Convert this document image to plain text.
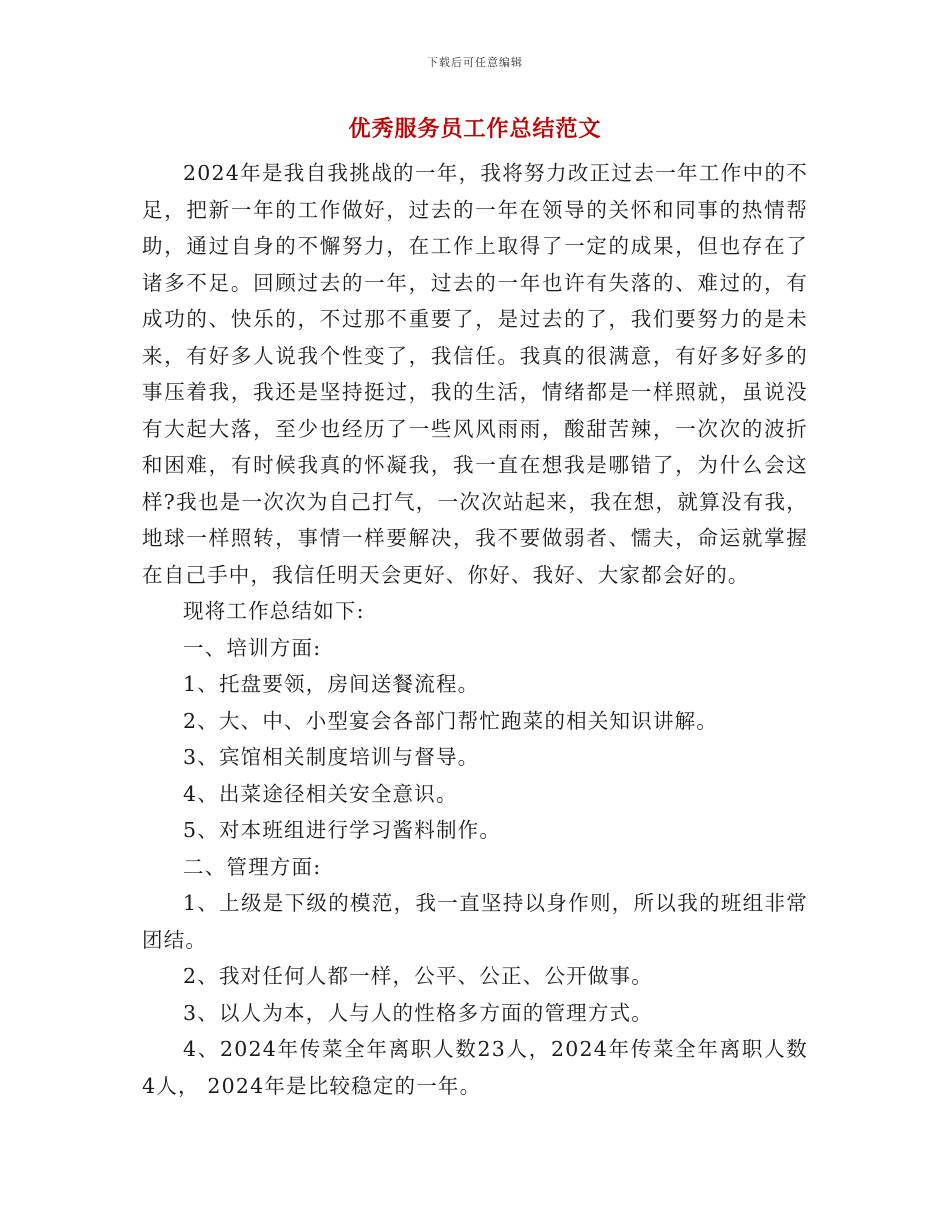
下载后可任意编辑
优秀服务员工作总结范文

2024年是我自我挑战的一年，我将努力改正过去一年工作中的不足，把新一年的工作做好，过去的一年在领导的关怀和同事的热情帮助，通过自身的不懈努力，在工作上取得了一定的成果，但也存在了诸多不足。回顾过去的一年，过去的一年也许有失落的、难过的，有成功的、快乐的，不过那不重要了，是过去的了，我们要努力的是未来，有好多人说我个性变了，我信任。我真的很满意，有好多好多的事压着我，我还是坚持挺过，我的生活，情绪都是一样照就，虽说没有大起大落，至少也经历了一些风风雨雨，酸甜苦辣，一次次的波折和困难，有时候我真的怀凝我，我一直在想我是哪错了，为什么会这样?我也是一次次为自己打气，一次次站起来，我在想，就算没有我，地球一样照转，事情一样要解决，我不要做弱者、懦夫，命运就掌握在自己手中，我信任明天会更好、你好、我好、大家都会好的。

现将工作总结如下:

一、培训方面:

1、托盘要领，房间送餐流程。

2、大、中、小型宴会各部门帮忙跑菜的相关知识讲解。

3、宾馆相关制度培训与督导。

4、出菜途径相关安全意识。

5、对本班组进行学习酱料制作。

二、管理方面:

1、上级是下级的模范，我一直坚持以身作则，所以我的班组非常团结。

2、我对任何人都一样，公平、公正、公开做事。

3、以人为本，人与人的性格多方面的管理方式。

4、2024年传菜全年离职人数23人，2024年传菜全年离职人数4人， 2024年是比较稳定的一年。
